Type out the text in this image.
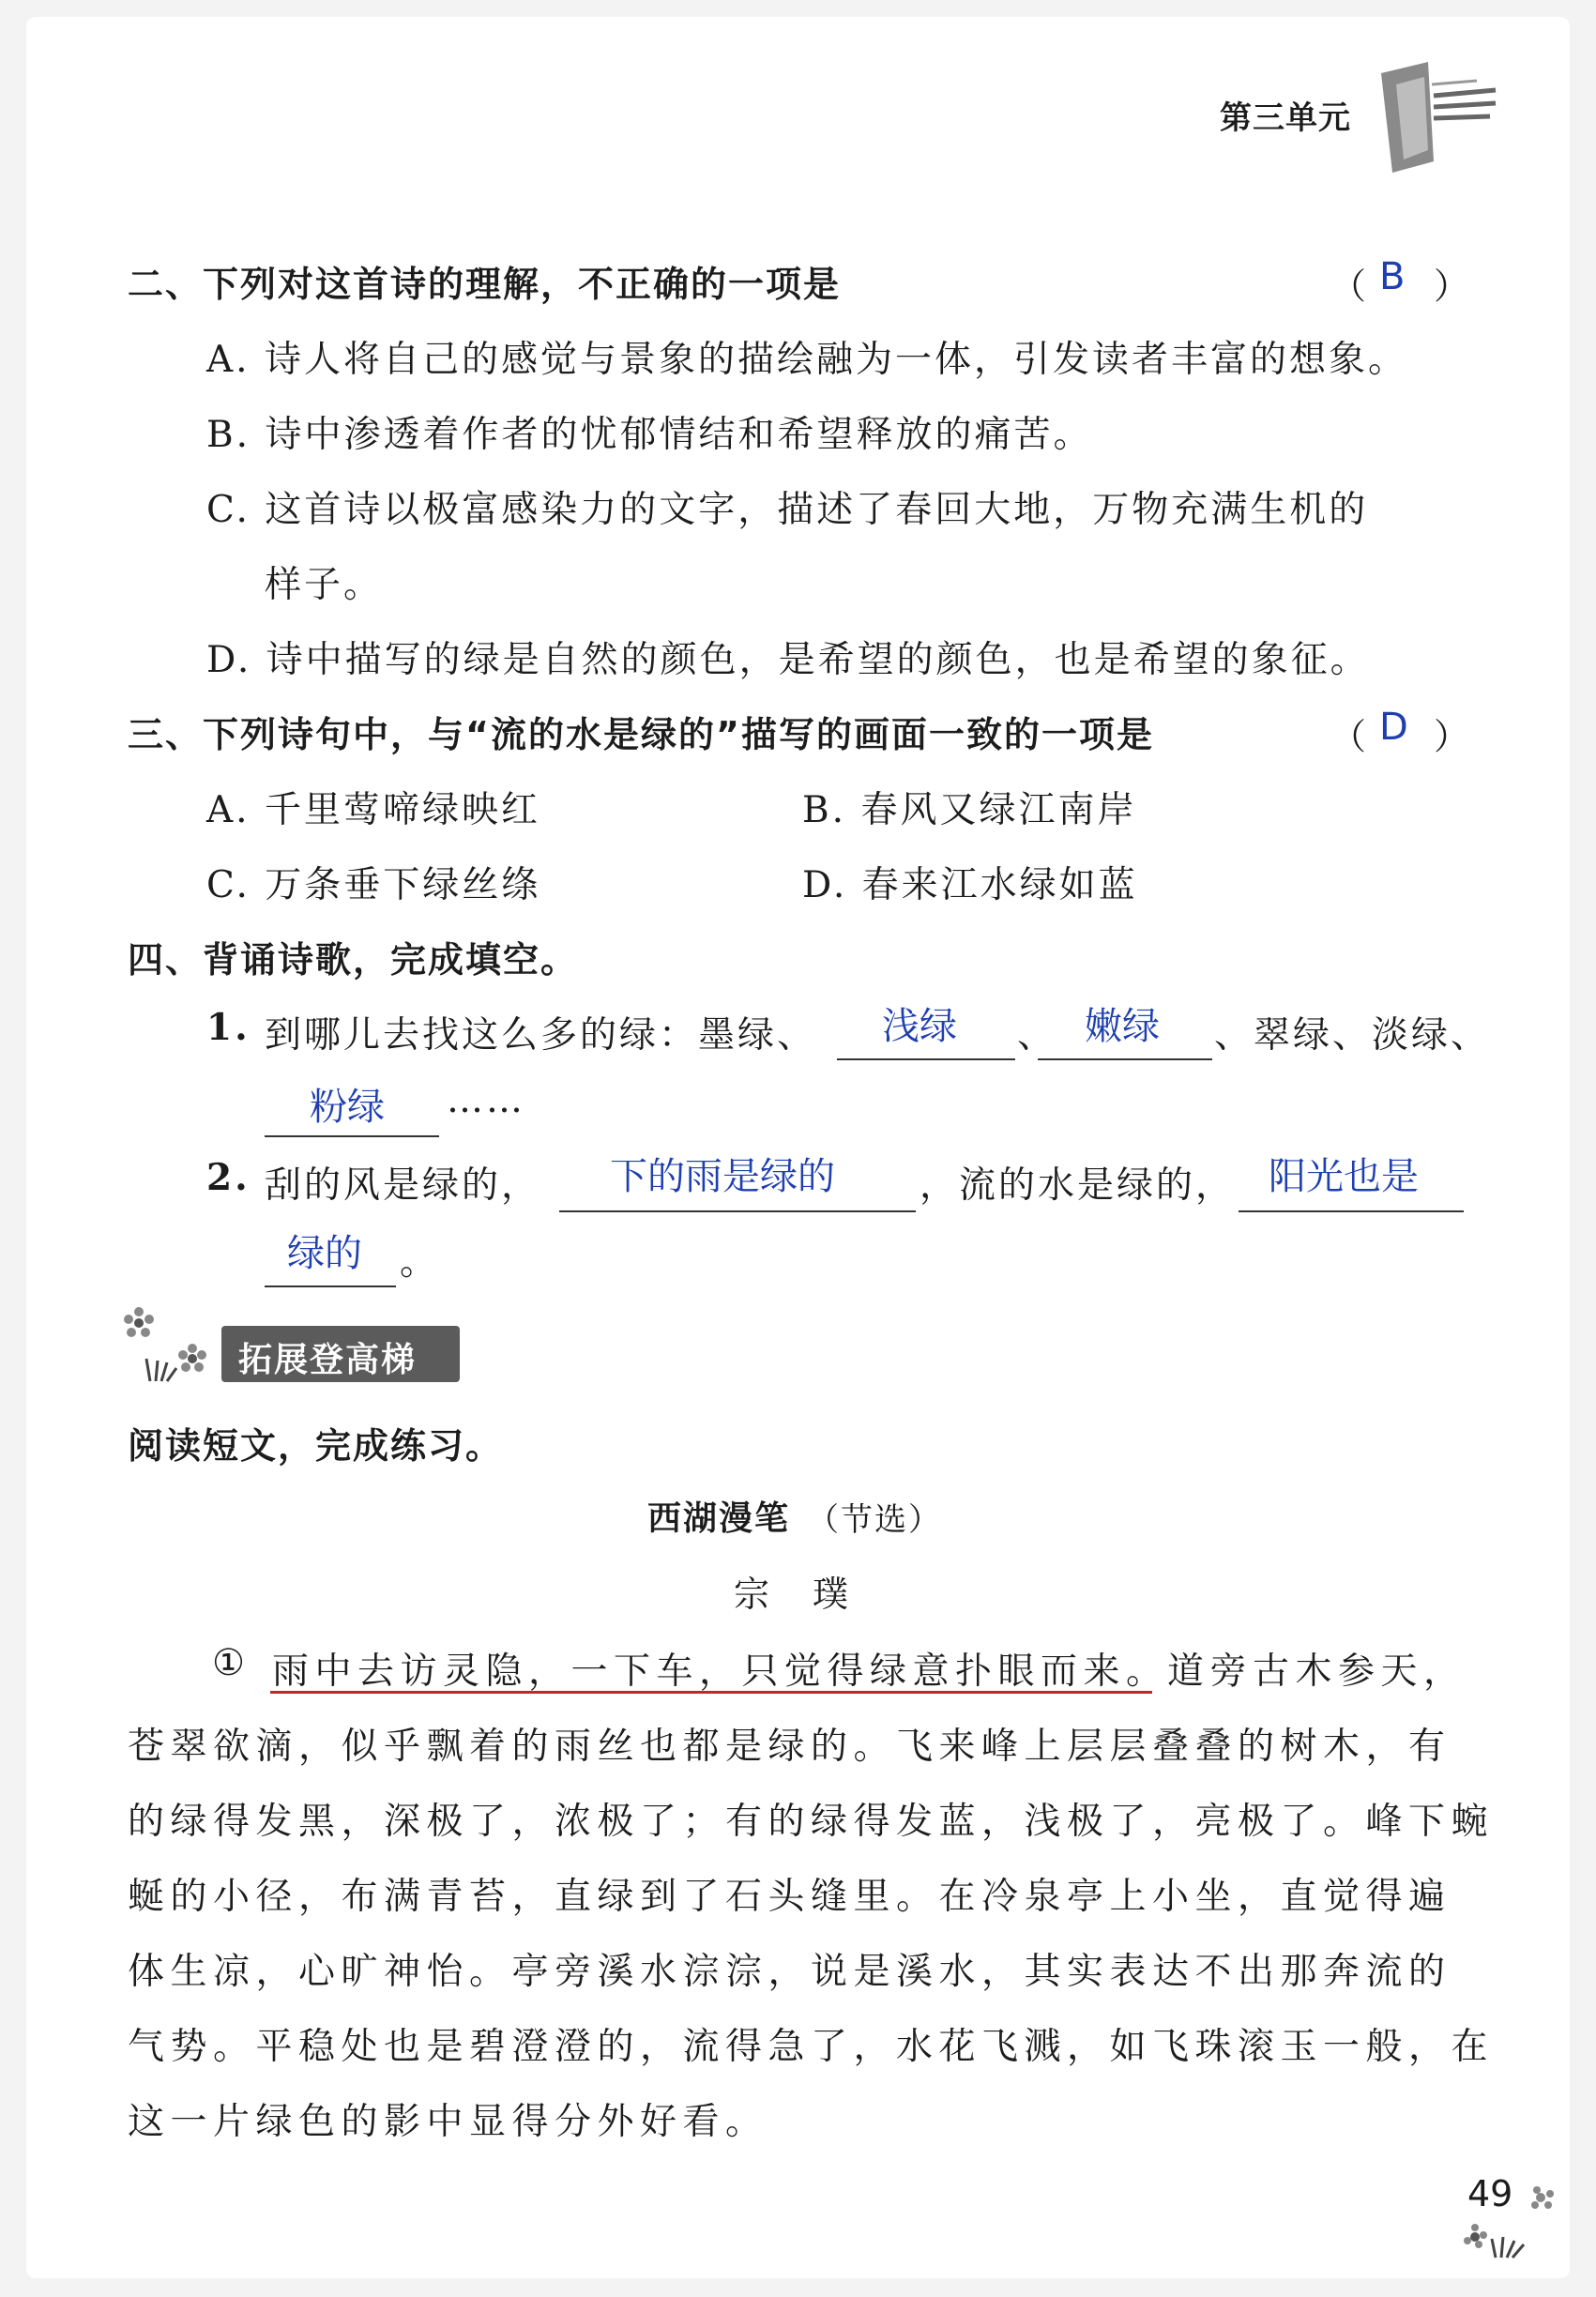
第三单元
二、下列对这首诗的理解，不正确的一项是	（ B ）
A. 诗人将自己的感觉与景象的描绘融为一体，引发读者丰富的想象。
B. 诗中渗透着作者的忧郁情结和希望释放的痛苦。
C. 这首诗以极富感染力的文字，描述了春回大地，万物充满生机的
样子。
D. 诗中描写的绿是自然的颜色，是希望的颜色，也是希望的象征。
三、下列诗句中，与“流的水是绿的”描写的画面一致的一项是	（ D ）
A. 千里莺啼绿映红	B. 春风又绿江南岸
C. 万条垂下绿丝绦	D. 春来江水绿如蓝
四、背诵诗歌，完成填空。
1. 到哪儿去找这么多的绿：墨绿、 浅绿 、 嫩绿 、翠绿、淡绿、
粉绿 ……
2. 刮的风是绿的， 下的雨是绿的 ，流的水是绿的， 阳光也是
绿的 。
拓展登高梯
阅读短文，完成练习。
西湖漫笔 （节选）
宗　璞
① 雨中去访灵隐，一下车，只觉得绿意扑眼而来。
道旁古木参天，
苍翠欲滴，似乎飘着的雨丝也都是绿的。飞来峰上层层叠叠的树木，有
的绿得发黑，深极了，浓极了；有的绿得发蓝，浅极了，亮极了。峰下蜿
蜒的小径，布满青苔，直绿到了石头缝里。在冷泉亭上小坐，直觉得遍
体生凉，心旷神怡。亭旁溪水淙淙，说是溪水，其实表达不出那奔流的
气势。平稳处也是碧澄澄的，流得急了，水花飞溅，如飞珠滚玉一般，在
这一片绿色的影中显得分外好看。
49
